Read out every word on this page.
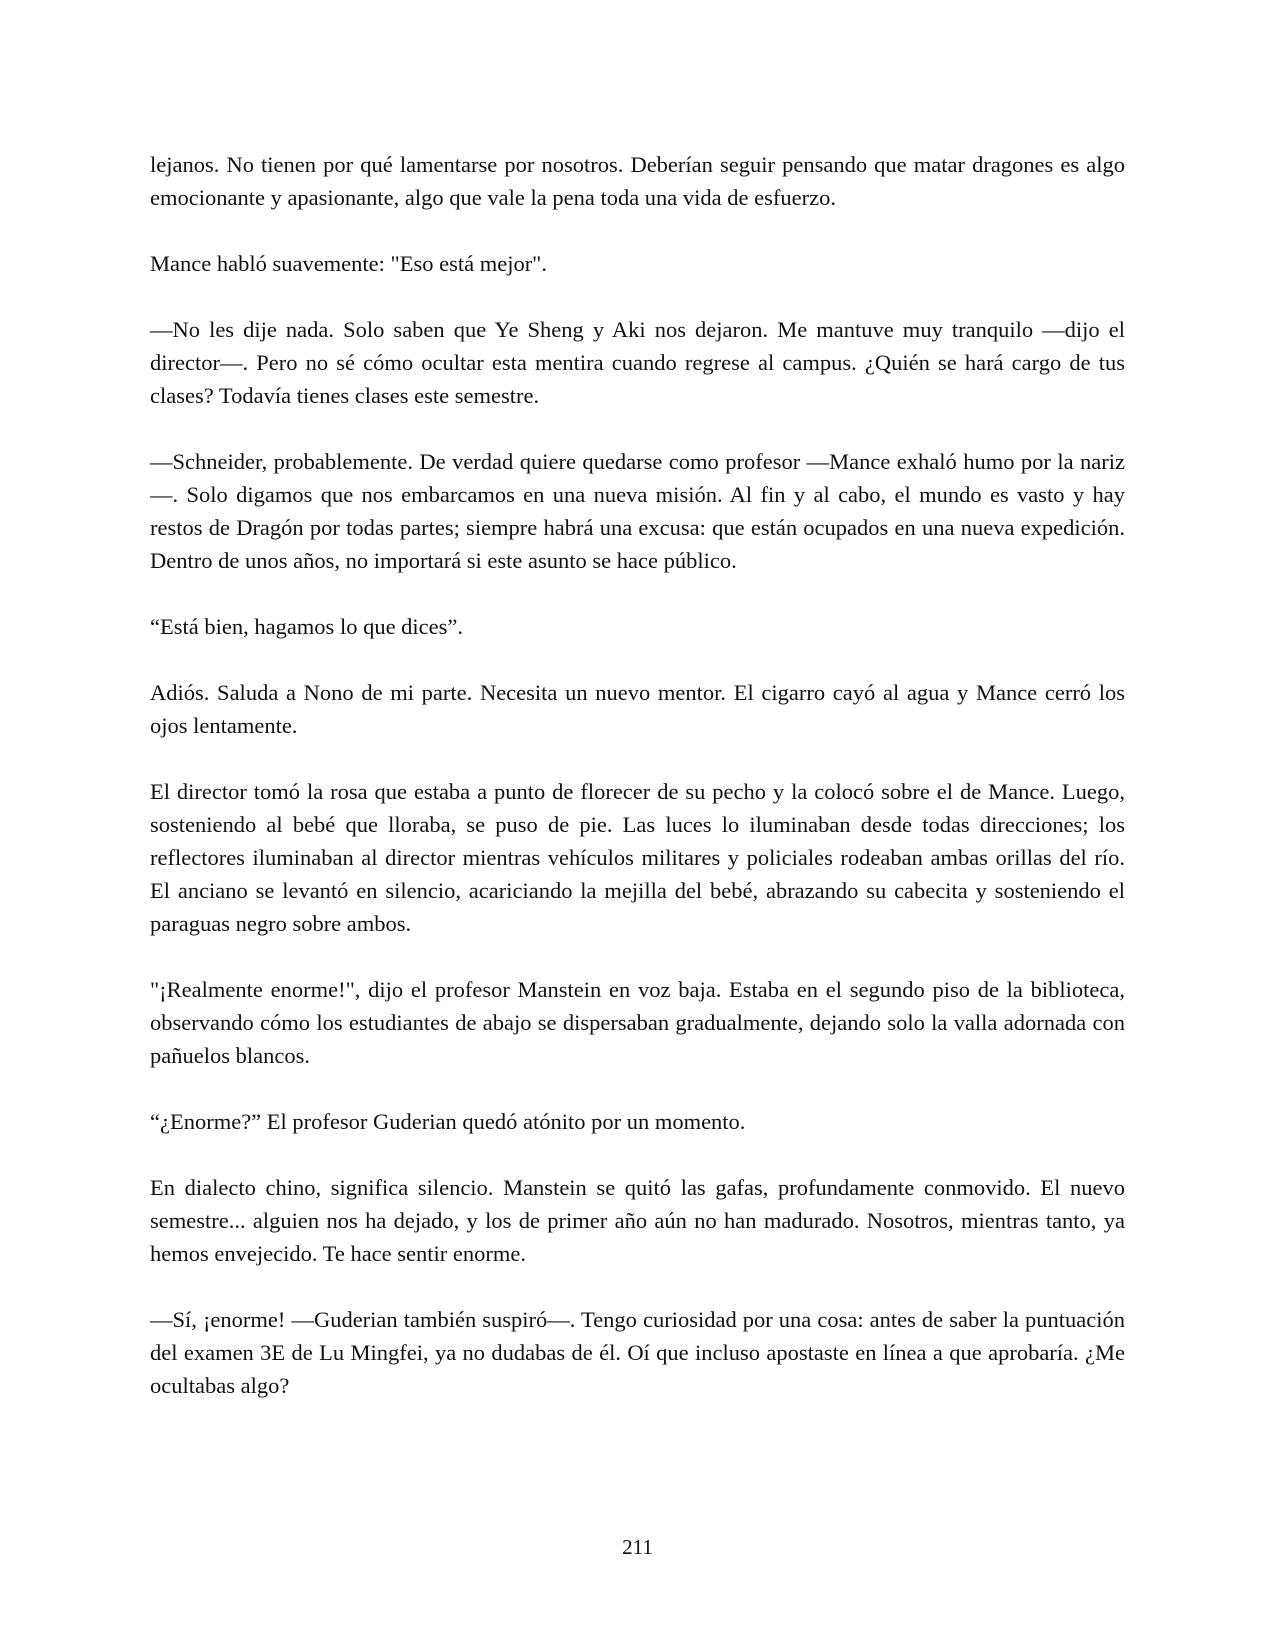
lejanos. No tienen por qué lamentarse por nosotros. Deberían seguir pensando que matar dragones es algo emocionante y apasionante, algo que vale la pena toda una vida de esfuerzo.

Mance habló suavemente: "Eso está mejor".

—No les dije nada. Solo saben que Ye Sheng y Aki nos dejaron. Me mantuve muy tranquilo —dijo el director—. Pero no sé cómo ocultar esta mentira cuando regrese al campus. ¿Quién se hará cargo de tus clases? Todavía tienes clases este semestre.

—Schneider, probablemente. De verdad quiere quedarse como profesor —Mance exhaló humo por la nariz—. Solo digamos que nos embarcamos en una nueva misión. Al fin y al cabo, el mundo es vasto y hay restos de Dragón por todas partes; siempre habrá una excusa: que están ocupados en una nueva expedición. Dentro de unos años, no importará si este asunto se hace público.

“Está bien, hagamos lo que dices”.

Adiós. Saluda a Nono de mi parte. Necesita un nuevo mentor. El cigarro cayó al agua y Mance cerró los ojos lentamente.

El director tomó la rosa que estaba a punto de florecer de su pecho y la colocó sobre el de Mance. Luego, sosteniendo al bebé que lloraba, se puso de pie. Las luces lo iluminaban desde todas direcciones; los reflectores iluminaban al director mientras vehículos militares y policiales rodeaban ambas orillas del río. El anciano se levantó en silencio, acariciando la mejilla del bebé, abrazando su cabecita y sosteniendo el paraguas negro sobre ambos.

"¡Realmente enorme!", dijo el profesor Manstein en voz baja. Estaba en el segundo piso de la biblioteca, observando cómo los estudiantes de abajo se dispersaban gradualmente, dejando solo la valla adornada con pañuelos blancos.

“¿Enorme?” El profesor Guderian quedó atónito por un momento.

En dialecto chino, significa silencio. Manstein se quitó las gafas, profundamente conmovido. El nuevo semestre... alguien nos ha dejado, y los de primer año aún no han madurado. Nosotros, mientras tanto, ya hemos envejecido. Te hace sentir enorme.

—Sí, ¡enorme! —Guderian también suspiró—. Tengo curiosidad por una cosa: antes de saber la puntuación del examen 3E de Lu Mingfei, ya no dudabas de él. Oí que incluso apostaste en línea a que aprobaría. ¿Me ocultabas algo?

211
